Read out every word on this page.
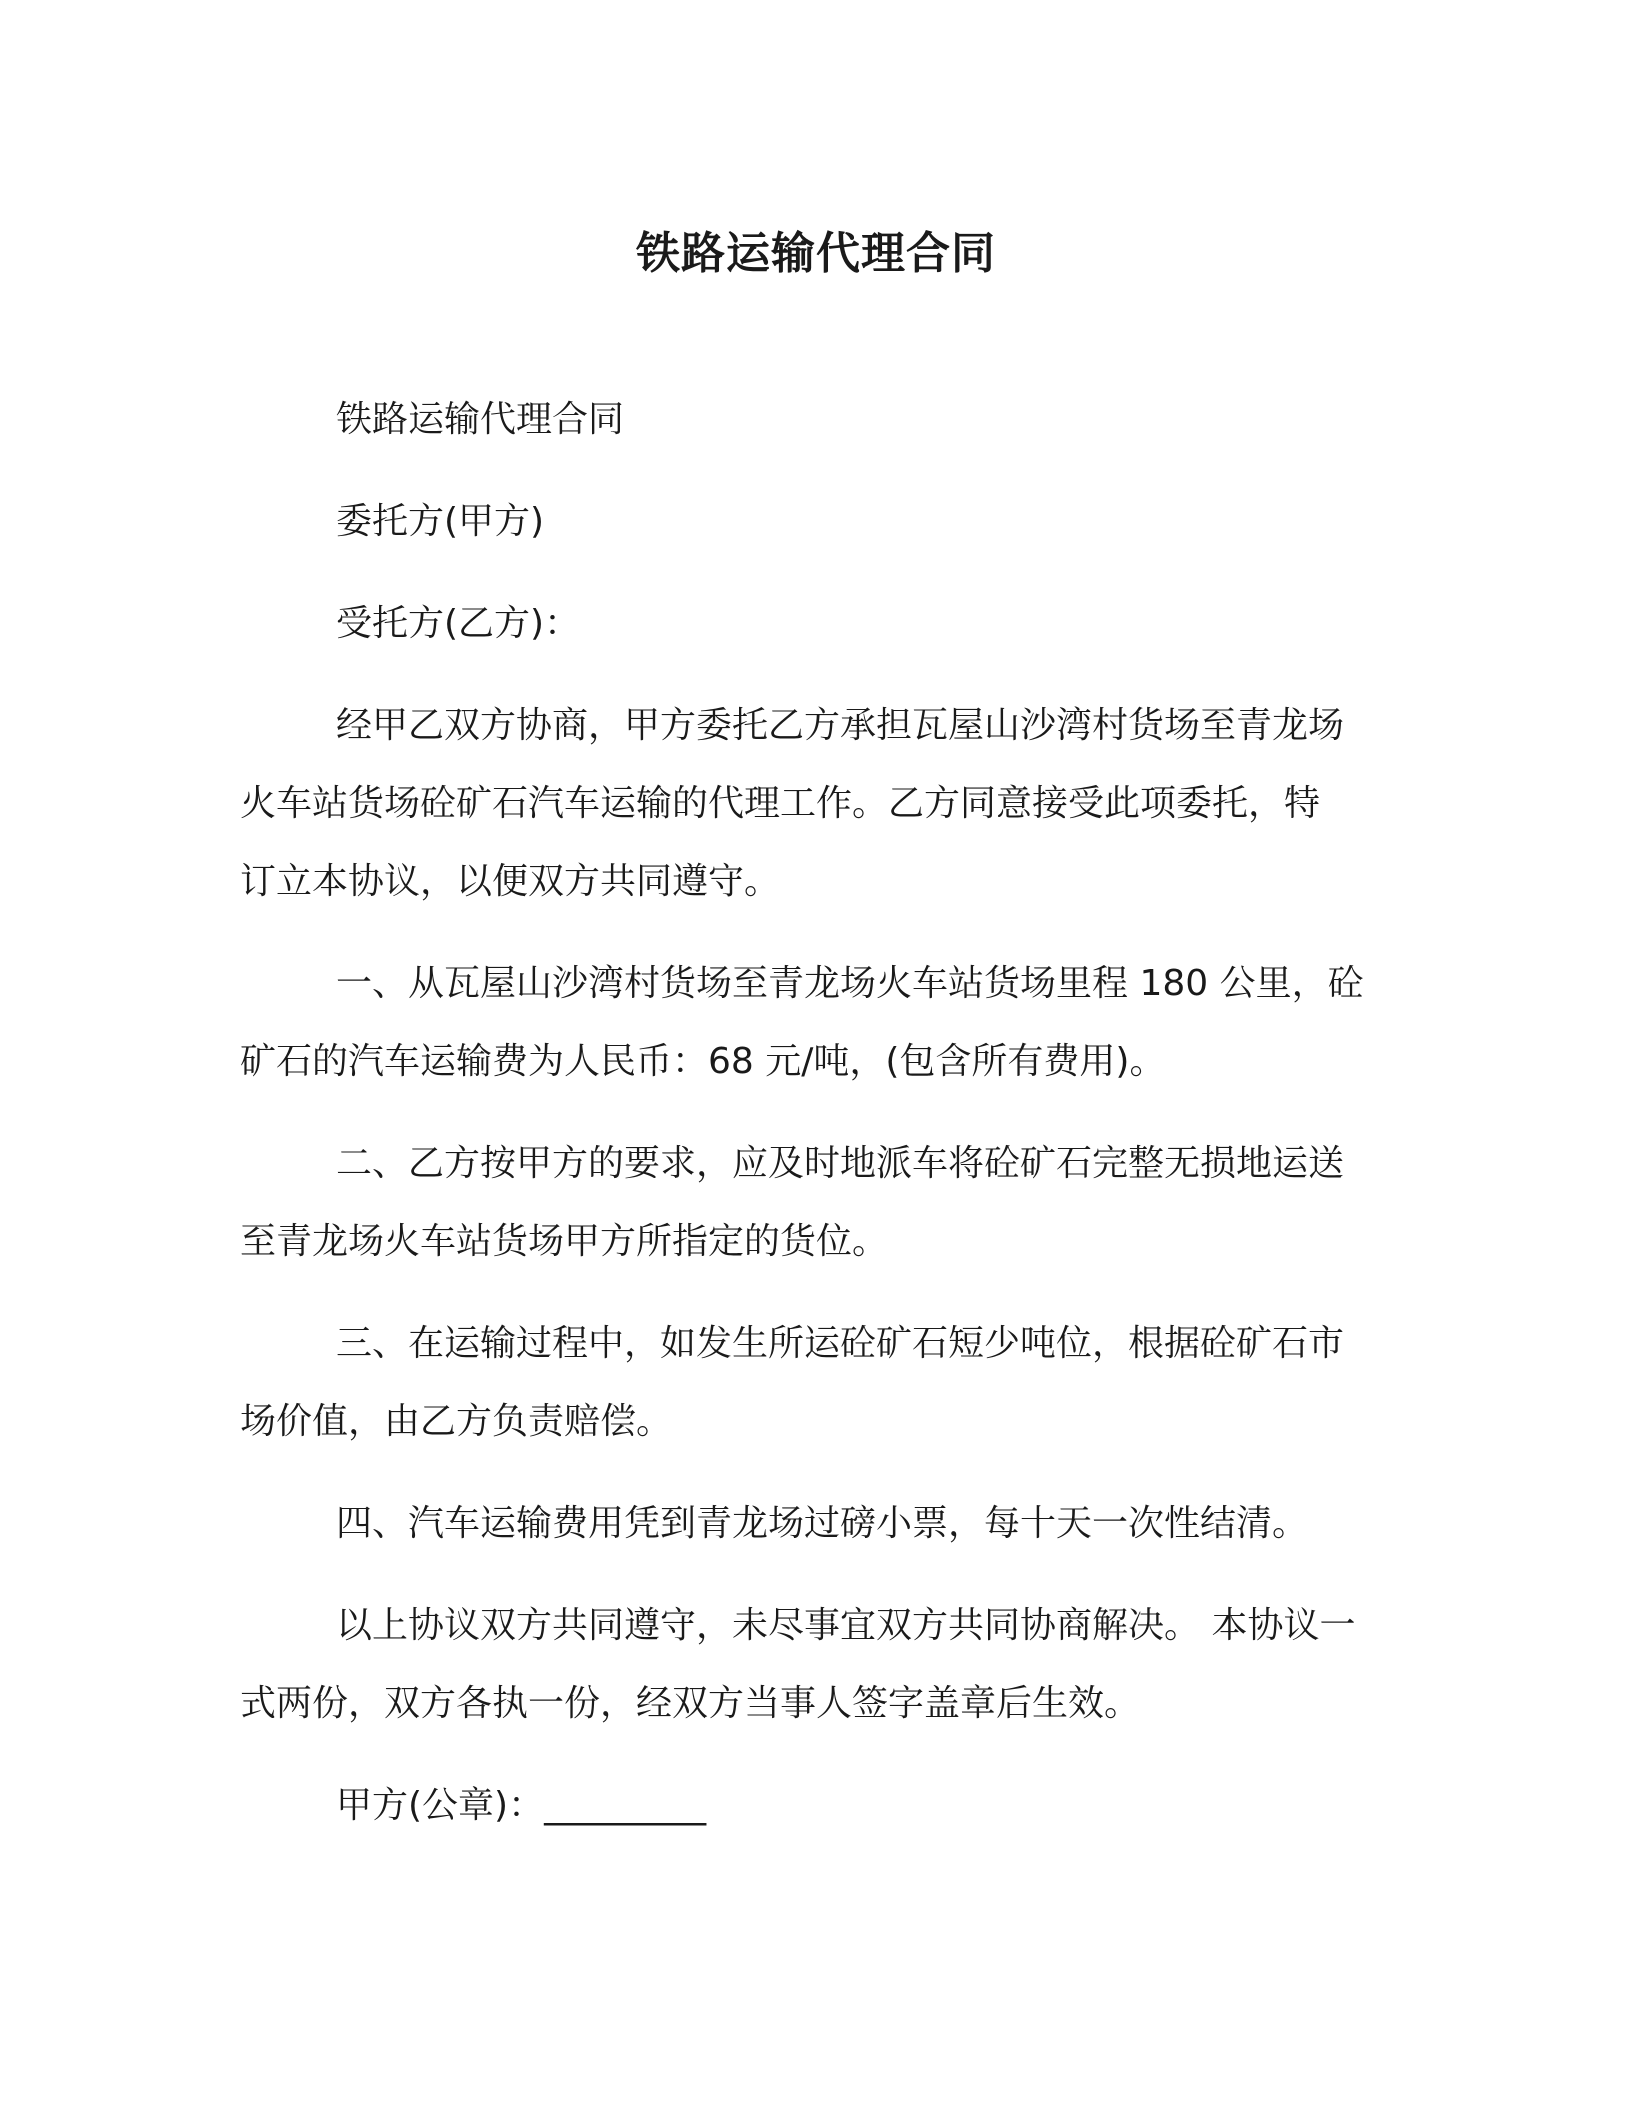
铁路运输代理合同
铁路运输代理合同
委托方(甲方)
受托方(乙方)：
经甲乙双方协商，甲方委托乙方承担瓦屋山沙湾村货场至青龙场
火车站货场砼矿石汽车运输的代理工作。乙方同意接受此项委托，特
订立本协议，以便双方共同遵守。
一、从瓦屋山沙湾村货场至青龙场火车站货场里程 180 公里，砼
矿石的汽车运输费为人民币：68 元/吨，(包含所有费用)。
二、乙方按甲方的要求，应及时地派车将砼矿石完整无损地运送
至青龙场火车站货场甲方所指定的货位。
三、在运输过程中，如发生所运砼矿石短少吨位，根据砼矿石市
场价值，由乙方负责赔偿。
四、汽车运输费用凭到青龙场过磅小票，每十天一次性结清。
以上协议双方共同遵守，未尽事宜双方共同协商解决。 本协议一
式两份，双方各执一份，经双方当事人签字盖章后生效。
甲方(公章)：_________
